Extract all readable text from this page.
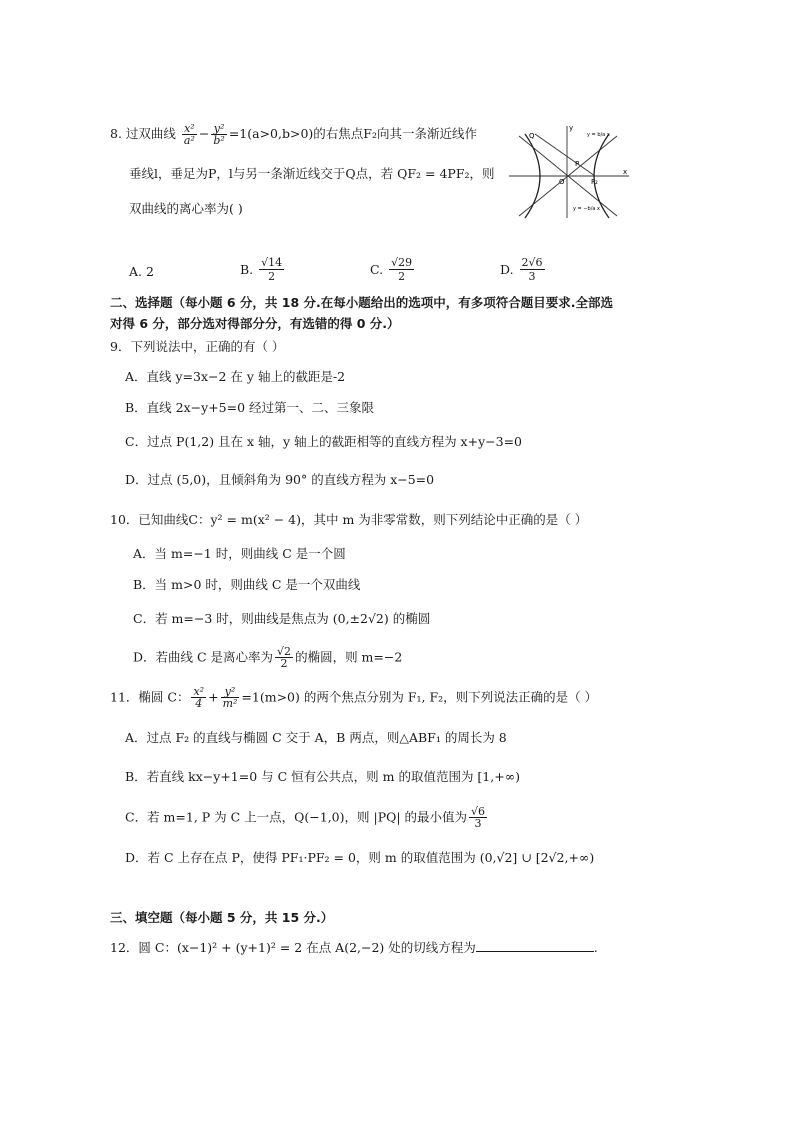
8. 过双曲线 $\frac{\text{x²}}{\text{a²}} - \frac{\text{y²}}{\text{b²}} =1(a>0,b>0)$的右焦点F₂向其一条渐近线作
垂线l，垂足为P，l与另一条渐近线交于Q点，若 QF₂ = 4PF₂，则
双曲线的离心率为( )
Q
P
O	F₂
x
y
y = b/a x
y = −b/a x
A. 2	B. $\frac{√14}{2}$	C. $\frac{√29}{2}$	D. $\frac{2√6}{3}$
二、选择题（每小题 6 分，共 18 分.在每小题给出的选项中，有多项符合题目要求.全部选
对得 6 分，部分选对得部分分，有选错的得 0 分.）
9．下列说法中，正确的有（ ）
A．直线 y=3x−2 在 y 轴上的截距是-2
B．直线 2x−y+5=0 经过第一、二、三象限
C．过点 P(1,2) 且在 x 轴，y 轴上的截距相等的直线方程为 x+y−3=0
D．过点 (5,0)，且倾斜角为 90° 的直线方程为 x−5=0
10．已知曲线C：y² = m(x² − 4)，其中 m 为非零常数，则下列结论中正确的是（ ）
A．当 m=−1 时，则曲线 C 是一个圆
B．当 m>0 时，则曲线 C 是一个双曲线
C．若 m=−3 时，则曲线是焦点为 (0,±2√2) 的椭圆
D．若曲线 C 是离心率为 $\frac{√2}{2}$ 的椭圆，则 m=−2
11．椭圆 C： $\frac{\text{x²}}{4} + \frac{\text{y²}}{\text{m²}} =1(m>0)$ 的两个焦点分别为 F₁, F₂，则下列说法正确的是（ ）
A．过点 F₂ 的直线与椭圆 C 交于 A，B 两点，则△ABF₁ 的周长为 8
B．若直线 kx−y+1=0 与 C 恒有公共点，则 m 的取值范围为 [1,+∞)
C．若 m=1, P 为 C 上一点，Q(−1,0)，则 |PQ| 的最小值为 $\frac{√6}{3}$
D．若 C 上存在点 P，使得 PF₁·PF₂ = 0，则 m 的取值范围为 (0,√2] ∪ [2√2,+∞)
三、填空题（每小题 5 分，共 15 分.）
12．圆 C：(x−1)² + (y+1)² = 2 在点 A(2,−2) 处的切线方程为	.
